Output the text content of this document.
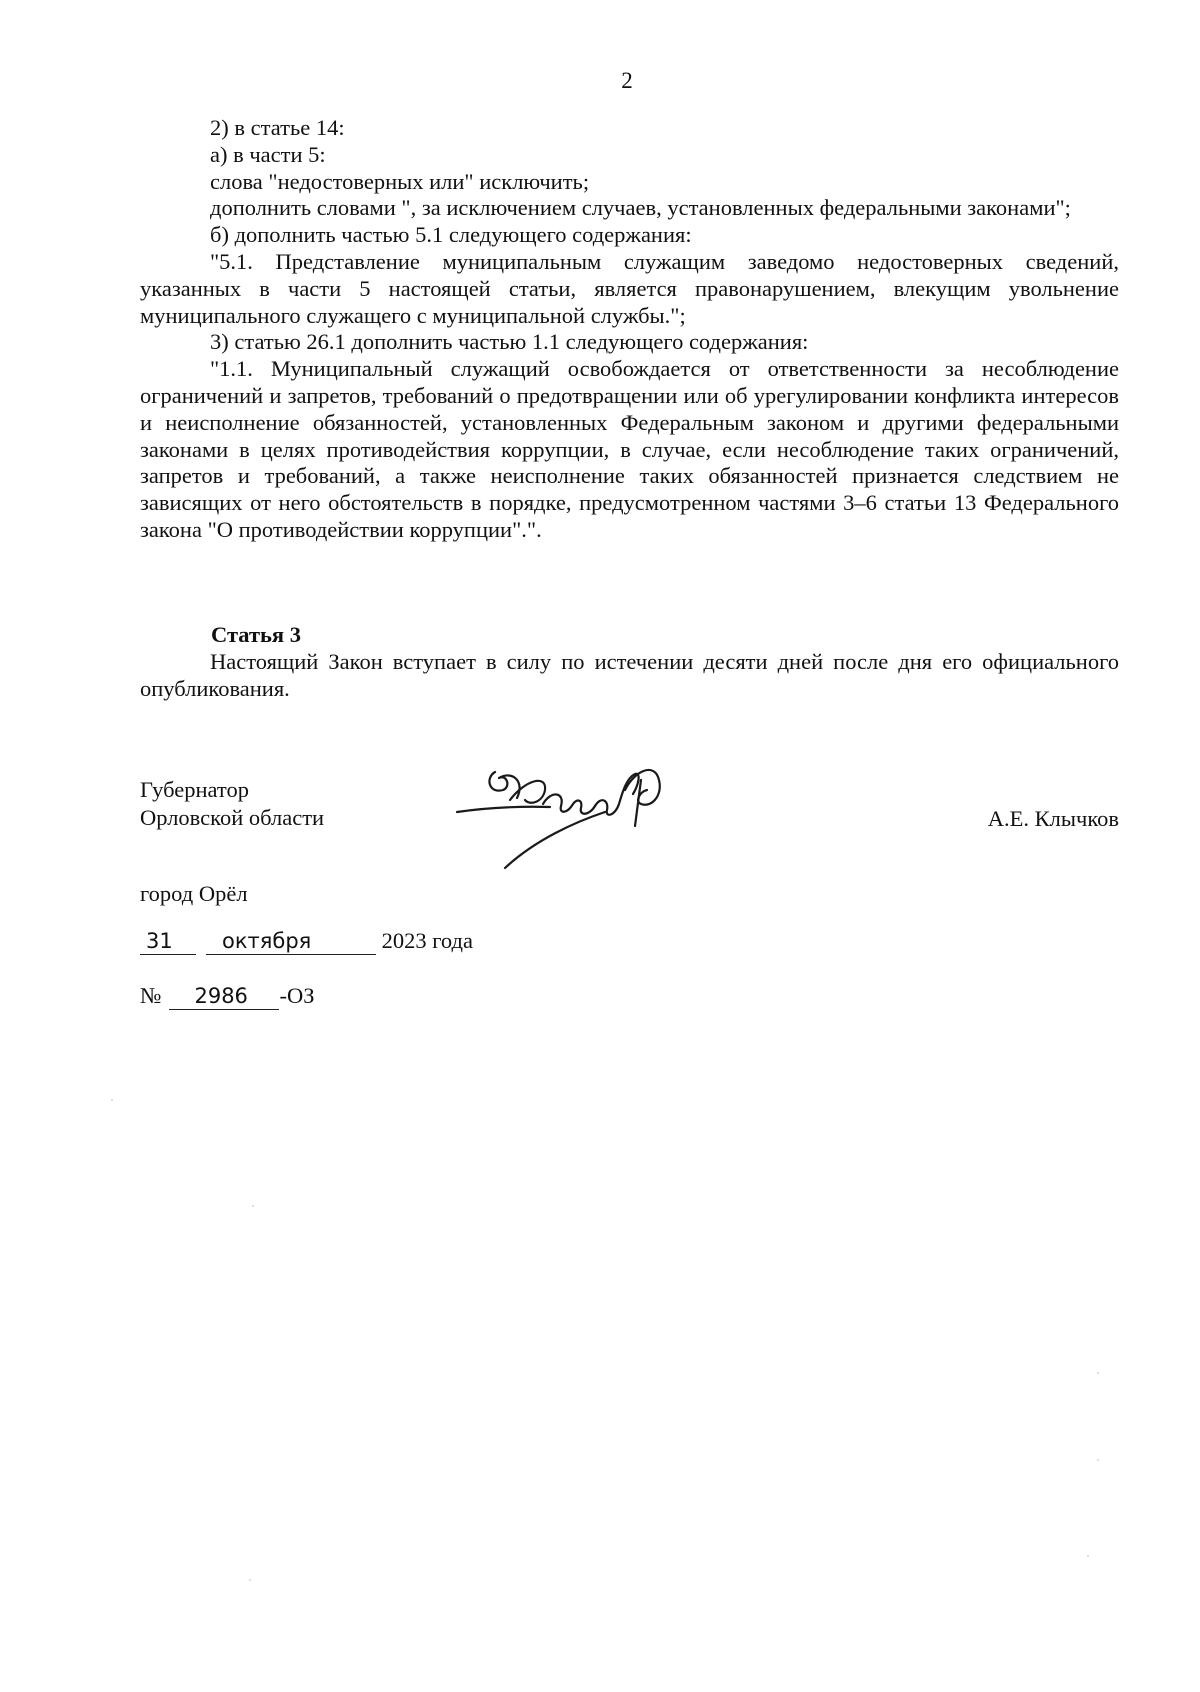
2

2) в статье 14:

а) в части 5:

слова "недостоверных или" исключить;

дополнить словами ", за исключением случаев, установленных федеральными законами";

б) дополнить частью 5.1 следующего содержания:

"5.1. Представление муниципальным служащим заведомо недостоверных сведений, указанных в части 5 настоящей статьи, является правонарушением, влекущим увольнение муниципального служащего с муниципальной службы.";

3) статью 26.1 дополнить частью 1.1 следующего содержания:

"1.1. Муниципальный служащий освобождается от ответственности за несоблюдение ограничений и запретов, требований о предотвращении или об урегулировании конфликта интересов и неисполнение обязанностей, установленных Федеральным законом и другими федеральными законами в целях противодействия коррупции, в случае, если несоблюдение таких ограничений, запретов и требований, а также неисполнение таких обязанностей признается следствием не зависящих от него обстоятельств в порядке, предусмотренном частями 3–6 статьи 13 Федерального закона "О противодействии коррупции".".

Статья 3

Настоящий Закон вступает в силу по истечении десяти дней после дня его официального опубликования.

Губернатор
Орловской области	А.Е. Клычков
город Орёл
31 октября	2023 года
№ 2986 -ОЗ
